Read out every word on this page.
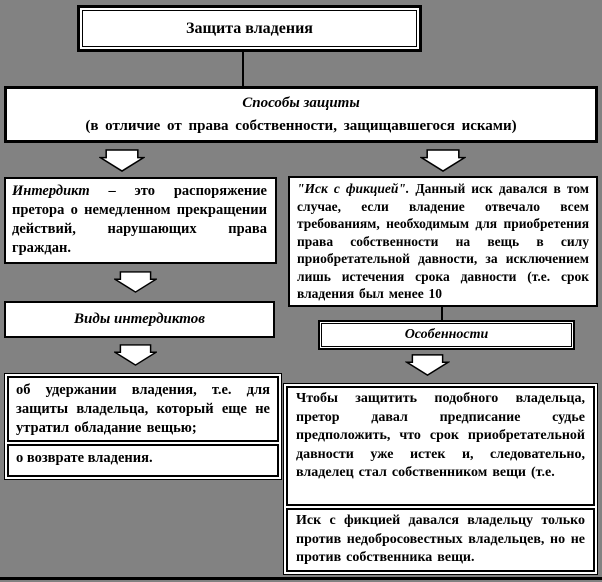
Защита владения
Способы защиты
(в отличие от права собственности, защищавшегося исками)
Интердикт – это распоряжение претора о немедленном прекращении действий, нарушающих права граждан.
"Иск с фикцией". Данный иск давался в том случае, если владение отвечало всем требованиям, необходимым для приобретения права собственности на вещь в силу приобретательной давности, за исключением лишь истечения срока давности (т.е. срок владения был менее 10
Виды интердиктов
Особенности
об удержании владения, т.е. для защиты владельца, который еще не утратил обладание вещью;
о возврате владения.
Чтобы защитить подобного владельца, претор давал предписание судье предположить, что срок приобретательной давности уже истек и, следовательно, владелец стал собственником вещи (т.е.
Иск с фикцией давался владельцу только против недобросовестных владельцев, но не против собственника вещи.
